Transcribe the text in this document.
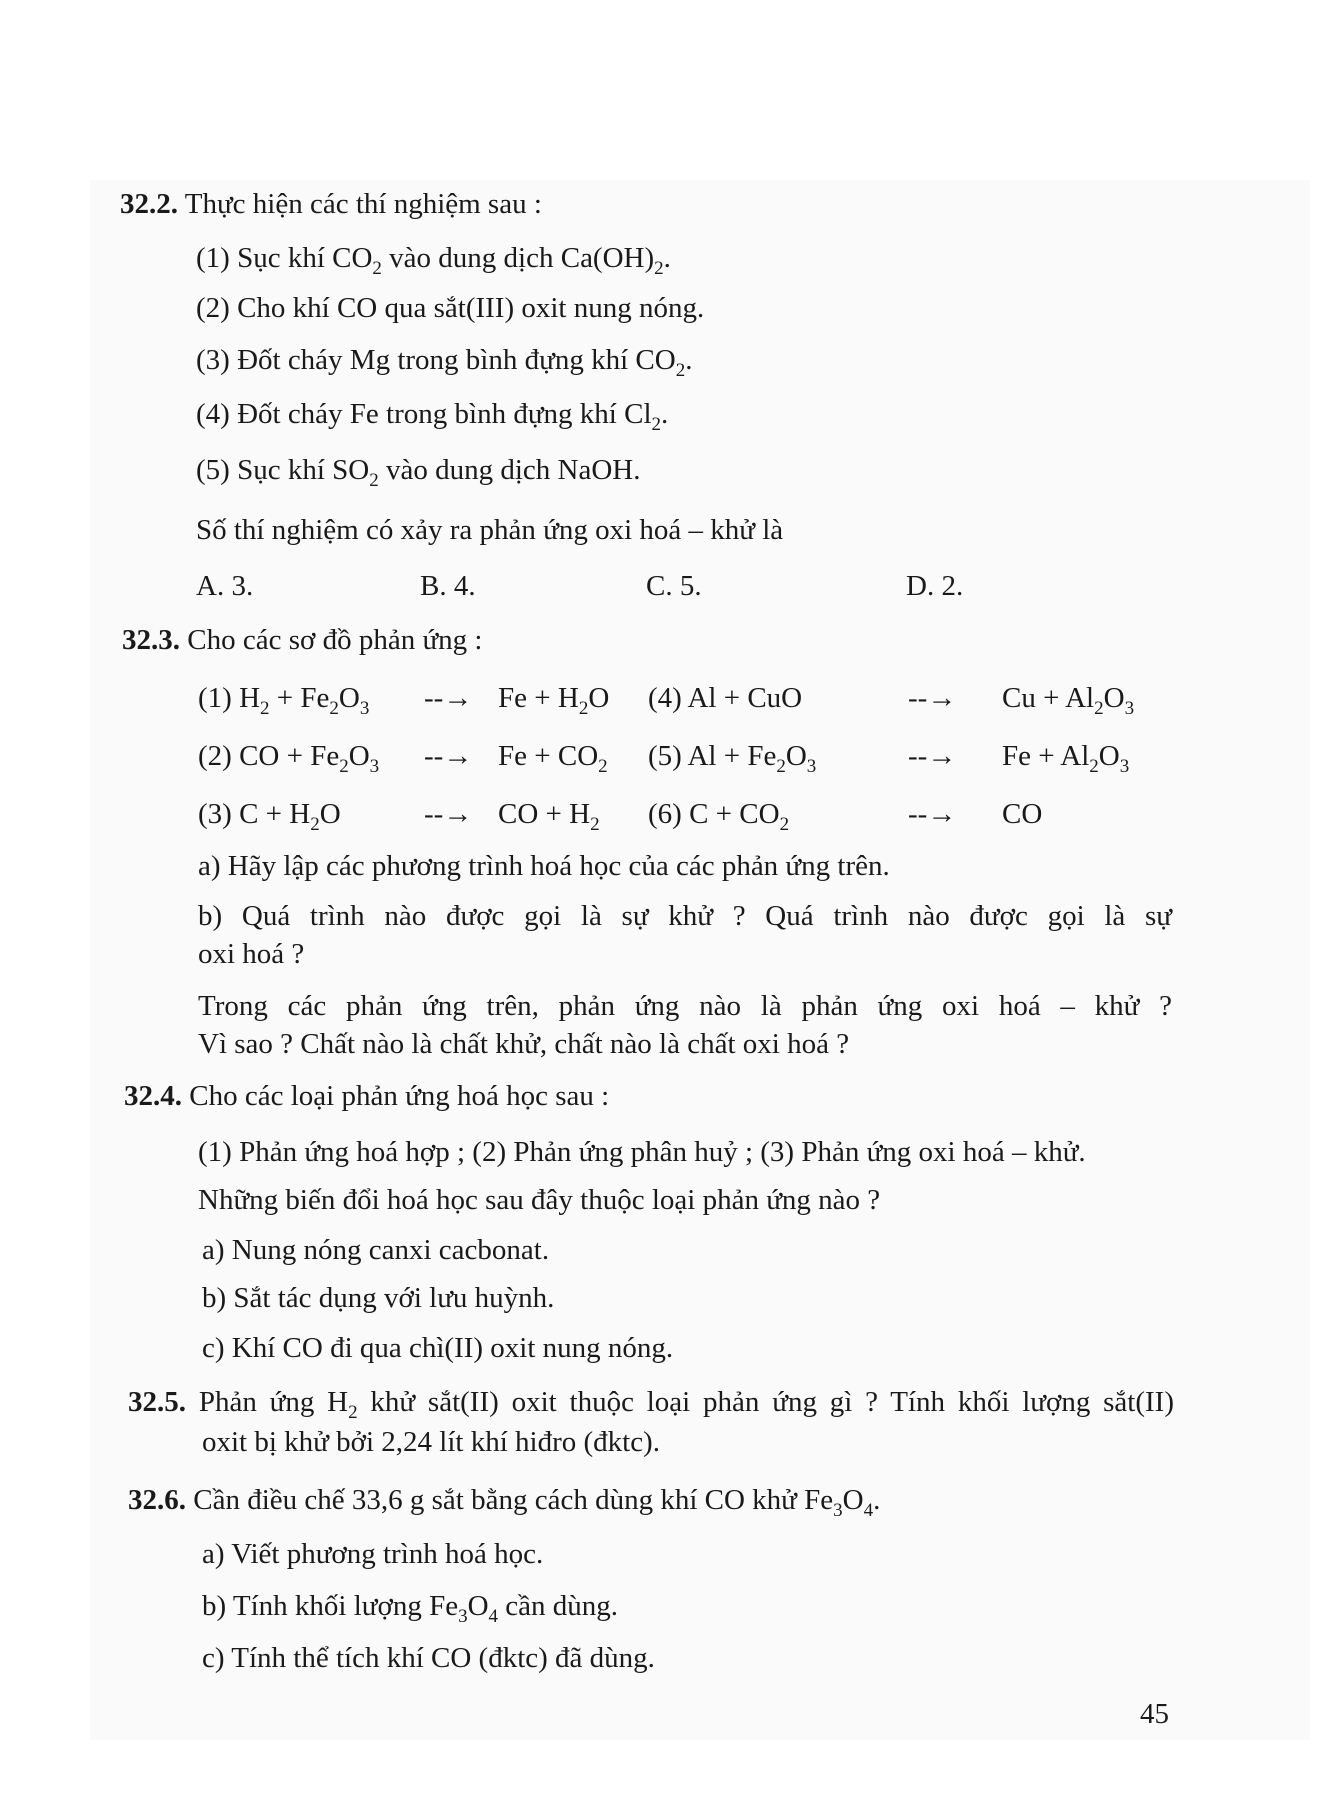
32.2. Thực hiện các thí nghiệm sau :
(1) Sục khí $CO_2$ vào dung dịch $Ca(OH)_2$.
(2) Cho khí CO qua sắt(III) oxit nung nóng.
(3) Đốt cháy Mg trong bình đựng khí $CO_2$.
(4) Đốt cháy Fe trong bình đựng khí $Cl_2$.
(5) Sục khí $SO_2$ vào dung dịch NaOH.
Số thí nghiệm có xảy ra phản ứng oxi hoá – khử là
A. 3.	B. 4.	C. 5.	D. 2.
32.3. Cho các sơ đồ phản ứng :
(1) $H_2 + Fe_2O_3$ --→ $Fe + H_2O$ (4) Al + CuO	--→ $Cu + Al_2O_3$
(2) CO + $Fe_2O_3$ --→ $Fe + CO_2$ (5) $Al + Fe_2O_3$	--→ $Fe + Al_2O_3$
(3) $C + H_2O$	--→ CO + $H_2$ (6) $C + CO_2$	--→ CO
a) Hãy lập các phương trình hoá học của các phản ứng trên.
b) Quá trình nào được gọi là sự khử ? Quá trình nào được gọi là sự
oxi hoá ?
Trong các phản ứng trên, phản ứng nào là phản ứng oxi hoá – khử ?
Vì sao ? Chất nào là chất khử, chất nào là chất oxi hoá ?
32.4. Cho các loại phản ứng hoá học sau :
(1) Phản ứng hoá hợp ; (2) Phản ứng phân huỷ ; (3) Phản ứng oxi hoá – khử.
Những biến đổi hoá học sau đây thuộc loại phản ứng nào ?
a) Nung nóng canxi cacbonat.
b) Sắt tác dụng với lưu huỳnh.
c) Khí CO đi qua chì(II) oxit nung nóng.
32.5. Phản ứng $H_2$ khử sắt(II) oxit thuộc loại phản ứng gì ? Tính khối lượng sắt(II)
oxit bị khử bởi 2,24 lít khí hiđro (đktc).
32.6. Cần điều chế 33,6 g sắt bằng cách dùng khí CO khử $Fe_3O_4$.
a) Viết phương trình hoá học.
b) Tính khối lượng $Fe_3O_4$ cần dùng.
c) Tính thể tích khí CO (đktc) đã dùng.
45
